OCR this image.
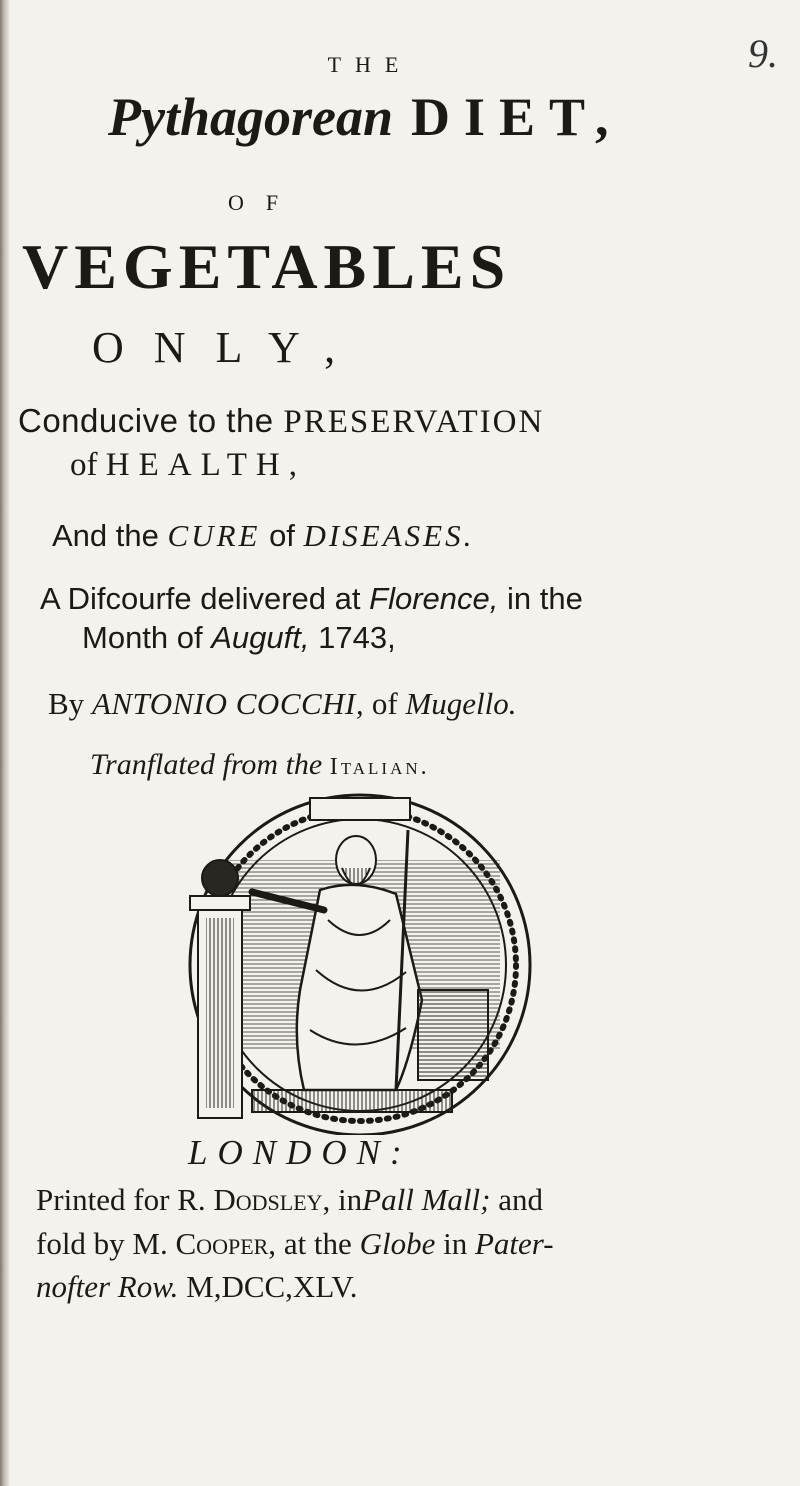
9.
THE
Pythagorean DIET,
OF
VEGETABLES
ONLY,
Conducive to the PRESERVATION
of HEALTH,
And the CURE of DISEASES.
A Difcourfe delivered at Florence, in the
Month of Auguft, 1743,
By ANTONIO COCCHI, of Mugello.
Tranflated from the Italian.
LONDON:
Printed for R. Dodsley, inPall Mall; and
fold by M. Cooper, at the Globe in Pater-
nofter Row. M,DCC,XLV.
